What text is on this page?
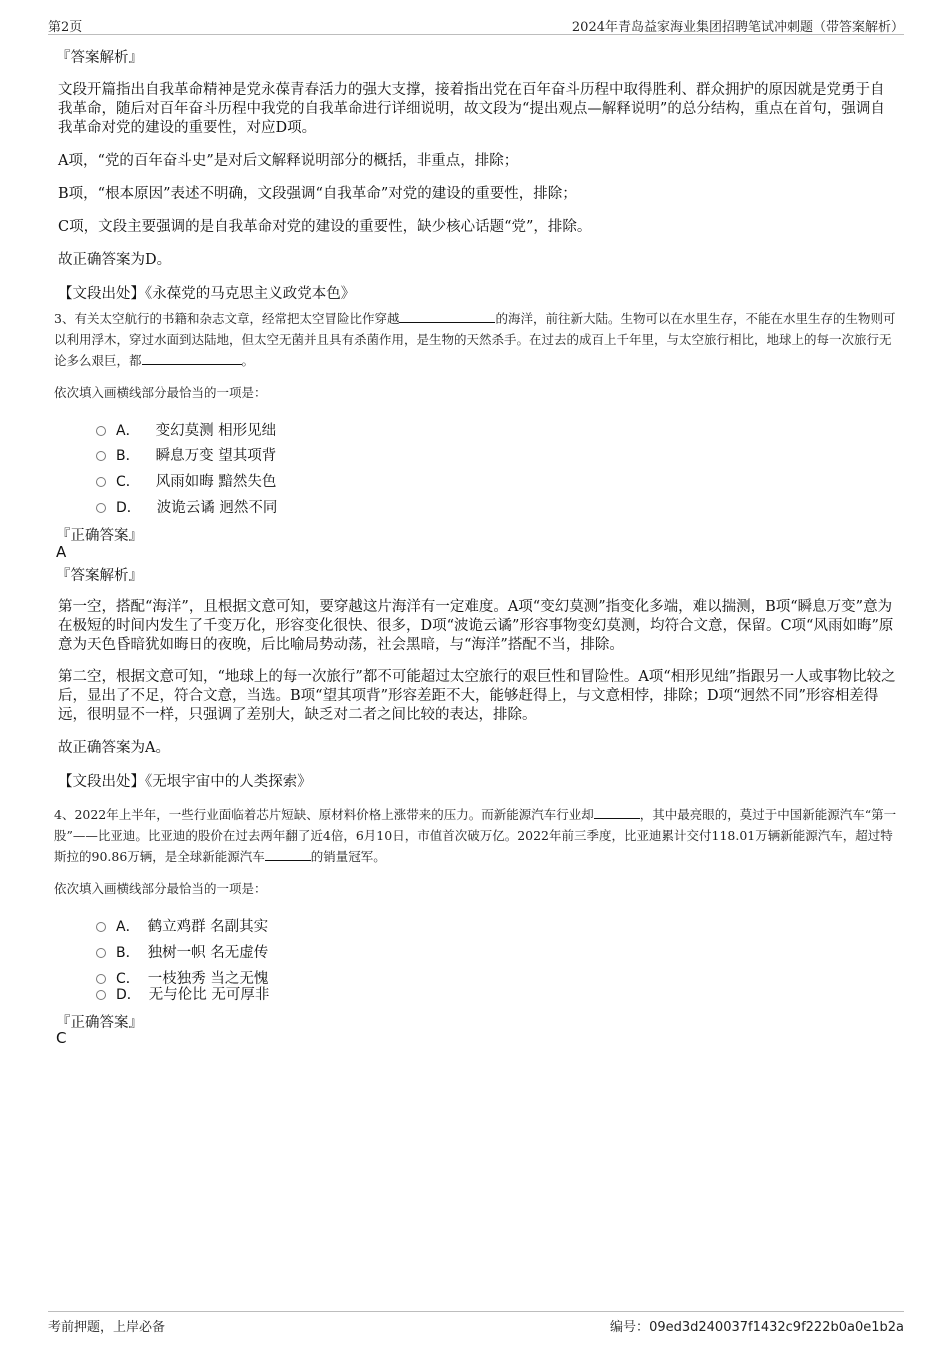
第2页	2024年青岛益家海业集团招聘笔试冲刺题（带答案解析）
『答案解析』
文段开篇指出自我革命精神是党永葆青春活力的强大支撑，接着指出党在百年奋斗历程中取得胜利、群众拥护的原因就是党勇于自我革命，随后对百年奋斗历程中我党的自我革命进行详细说明，故文段为“提出观点—解释说明”的总分结构，重点在首句，强调自我革命对党的建设的重要性，对应D项。
A项，“党的百年奋斗史”是对后文解释说明部分的概括，非重点，排除；
B项，“根本原因”表述不明确，文段强调“自我革命”对党的建设的重要性，排除；
C项，文段主要强调的是自我革命对党的建设的重要性，缺少核心话题“党”，排除。
故正确答案为D。
【文段出处】《永葆党的马克思主义政党本色》
3、有关太空航行的书籍和杂志文章，经常把太空冒险比作穿越	的海洋，前往新大陆。生物可以在水里生存，不能在水里生存的生物则可以利用浮木，穿过水面到达陆地，但太空无菌并且具有杀菌作用，是生物的天然杀手。在过去的成百上千年里，与太空旅行相比，地球上的每一次旅行无论多么艰巨，都	。
依次填入画横线部分最恰当的一项是：
A． 变幻莫测 相形见绌
B． 瞬息万变 望其项背
C． 风雨如晦 黯然失色
D． 波诡云谲 迥然不同
『正确答案』
A
『答案解析』
第一空，搭配“海洋”，且根据文意可知，要穿越这片海洋有一定难度。A项“变幻莫测”指变化多端，难以揣测，B项“瞬息万变”意为在极短的时间内发生了千变万化，形容变化很快、很多，D项“波诡云谲”形容事物变幻莫测，均符合文意，保留。C项“风雨如晦”原意为天色昏暗犹如晦日的夜晚，后比喻局势动荡，社会黑暗，与“海洋”搭配不当，排除。
第二空，根据文意可知，“地球上的每一次旅行”都不可能超过太空旅行的艰巨性和冒险性。A项“相形见绌”指跟另一人或事物比较之后，显出了不足，符合文意，当选。B项“望其项背”形容差距不大，能够赶得上，与文意相悖，排除；D项“迥然不同”形容相差得远，很明显不一样，只强调了差别大，缺乏对二者之间比较的表达，排除。
故正确答案为A。
【文段出处】《无垠宇宙中的人类探索》
4、2022年上半年，一些行业面临着芯片短缺、原材料价格上涨带来的压力。而新能源汽车行业却	，其中最亮眼的，莫过于中国新能源汽车“第一股”——比亚迪。比亚迪的股价在过去两年翻了近4倍，6月10日，市值首次破万亿。2022年前三季度，比亚迪累计交付118.01万辆新能源汽车，超过特斯拉的90.86万辆，是全球新能源汽车	的销量冠军。
依次填入画横线部分最恰当的一项是：
A． 鹤立鸡群 名副其实
B． 独树一帜 名无虚传
C． 一枝独秀 当之无愧
D． 无与伦比 无可厚非
『正确答案』
C
考前押题，上岸必备	编号：09ed3d240037f1432c9f222b0a0e1b2a
